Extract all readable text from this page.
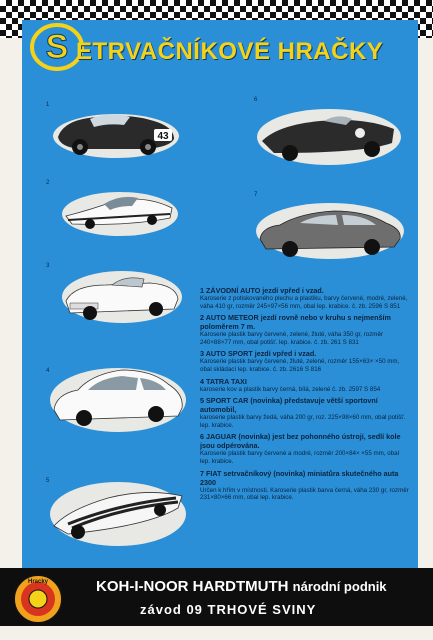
S ETRVAČNÍKOVÉ HRAČKY
1
2
3
4
5
6
7
43
1 ZÁVODNÍ AUTO jezdí vpřed i vzad.
Karoserie z potiskovaného plechu a plastiku, barvy červené, modré, zelené, váha 410 gr, rozměr 245×97×56 mm, obal lep. krabice. č. zb. 2596 S 851
2 AUTO METEOR jezdí rovně nebo v kruhu s nejmenším poloměrem 7 m.
Karoserie plastik barvy červené, zelené, žluté, váha 350 gr, rozměr 240×88×77 mm, obal potišť. lep. krabice. č. zb. 261 S 831
3 AUTO SPORT jezdí vpřed i vzad.
Karoserie plastik barvy červené, žluté, zelené, rozměr 155×63× ×50 mm, obal skládací lep. krabice. č. zb. 2616 S 816
4 TATRA TAXI
karoserie kov a plastik barvy černá, bílá, zelené č. zb. 2597 S 854
5 SPORT CAR (novinka) představuje větší sportovní automobil,
karoserie plastik barvy žedá, váha 200 gr, roz. 225×98×60 mm, obal potišť. lep. krabice.
6 JAGUAR (novinka) jest bez pohonného ústrojí, sedlí kole jsou odpérována.
Karoserie plastik barvy červené a modré, rozměr 200×84× ×55 mm, obal lep. krabice.
7 FIAT setrvačníkový (novinka) miniatůra skutečného auta 2300
Určen k hřím v místnosti. Karoserie plastik barva černá, váha 230 gr, rozměr 231×80×66 mm, obal lep. krabice.
Hracky	KOH-I-NOOR HARDTMUTH národní podnik
závod 09 TRHOVÉ SVINY
